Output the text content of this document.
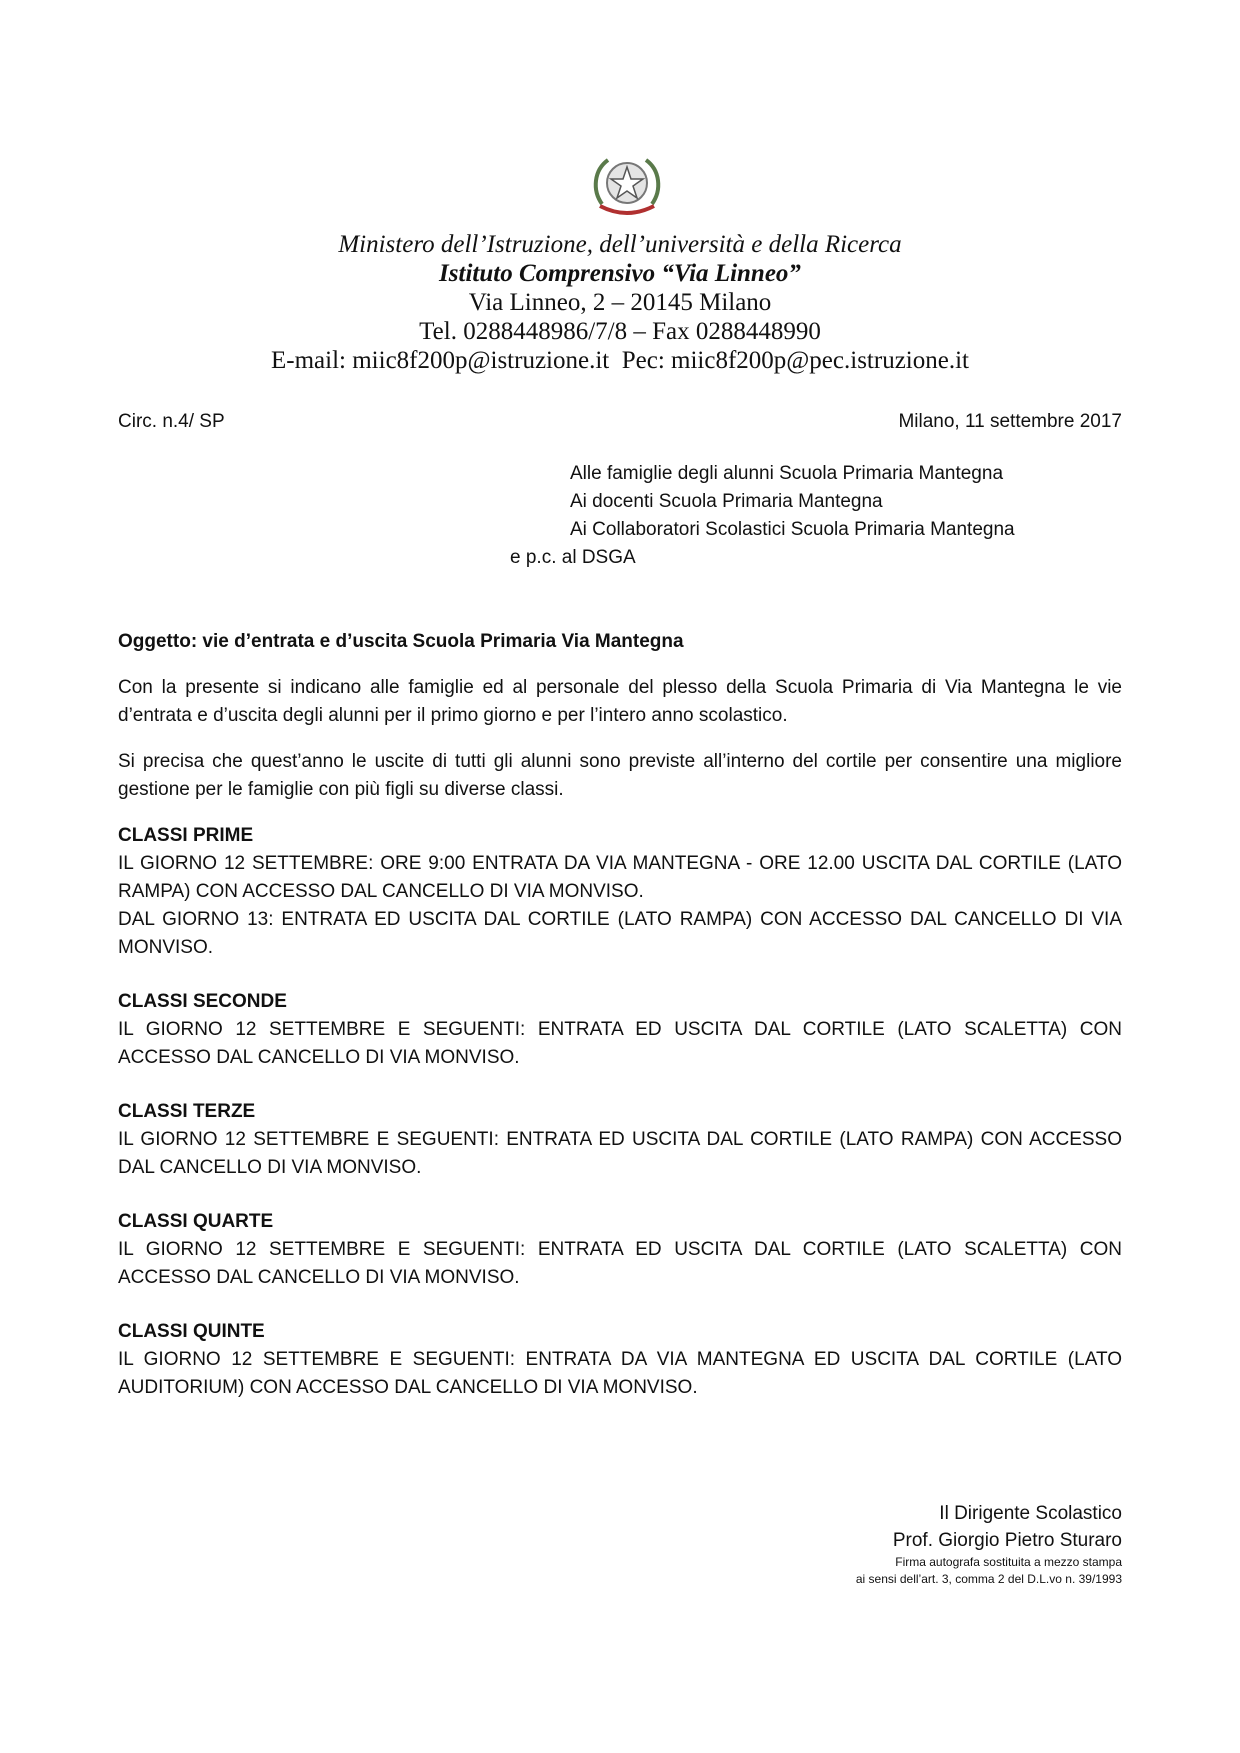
Ministero dell’Istruzione, dell’università e della Ricerca
Istituto Comprensivo “Via Linneo”
Via Linneo, 2 – 20145 Milano
Tel. 0288448986/7/8 – Fax 0288448990
E-mail: miic8f200p@istruzione.it  Pec: miic8f200p@pec.istruzione.it
Circ. n.4/ SP	Milano, 11 settembre 2017
Alle famiglie degli alunni Scuola Primaria Mantegna
Ai docenti Scuola Primaria Mantegna
Ai Collaboratori Scolastici Scuola Primaria Mantegna
e p.c. al DSGA
Oggetto: vie d’entrata e d’uscita Scuola Primaria Via Mantegna
Con la presente si indicano alle famiglie ed al personale del plesso della Scuola Primaria di Via Mantegna le vie d’entrata e d’uscita degli alunni per il primo giorno e per l’intero anno scolastico.
Si precisa che quest’anno le uscite di tutti gli alunni sono previste all’interno del cortile per consentire una migliore gestione per le famiglie con più figli su diverse classi.
CLASSI PRIME
IL GIORNO 12 SETTEMBRE: ORE 9:00 ENTRATA DA VIA MANTEGNA - ORE 12.00 USCITA DAL CORTILE (LATO RAMPA) CON ACCESSO DAL CANCELLO DI VIA MONVISO.
DAL GIORNO 13: ENTRATA ED USCITA DAL CORTILE (LATO RAMPA) CON ACCESSO DAL CANCELLO DI VIA MONVISO.
CLASSI SECONDE
IL GIORNO 12 SETTEMBRE E SEGUENTI: ENTRATA ED USCITA DAL CORTILE (LATO SCALETTA) CON ACCESSO DAL CANCELLO DI VIA MONVISO.
CLASSI TERZE
IL GIORNO 12 SETTEMBRE E SEGUENTI: ENTRATA ED USCITA DAL CORTILE (LATO RAMPA) CON ACCESSO DAL CANCELLO DI VIA MONVISO.
CLASSI QUARTE
IL GIORNO 12 SETTEMBRE E SEGUENTI: ENTRATA ED USCITA DAL CORTILE (LATO SCALETTA) CON ACCESSO DAL CANCELLO DI VIA MONVISO.
CLASSI QUINTE
IL GIORNO 12 SETTEMBRE E SEGUENTI: ENTRATA DA VIA MANTEGNA ED USCITA DAL CORTILE (LATO AUDITORIUM) CON ACCESSO DAL CANCELLO DI VIA MONVISO.
Il Dirigente Scolastico
Prof. Giorgio Pietro Sturaro
Firma autografa sostituita a mezzo stampa
ai sensi dell’art. 3, comma 2 del D.L.vo n. 39/1993
